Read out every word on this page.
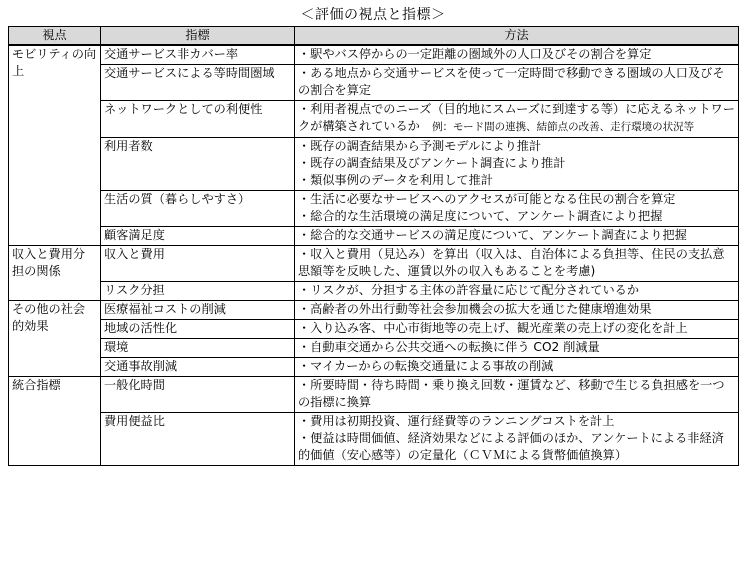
＜評価の視点と指標＞
視点	指標	方法
モビリティの向上	交通サービス非カバー率	・駅やバス停からの一定距離の圏域外の人口及びその割合を算定

	交通サービスによる等時間圏域	・ある地点から交通サービスを使って一定時間で移動できる圏域の人口及びその割合を算定

	ネットワークとしての利便性	・利用者視点でのニーズ（目的地にスムーズに到達する等）に応えるネットワークが構築されているか　 例：モード間の連携、結節点の改善、走行環境の状況等

	利用者数	・既存の調査結果から予測モデルにより推計
・既存の調査結果及びアンケート調査により推計
・類似事例のデータを利用して推計

	生活の質（暮らしやすさ）	・生活に必要なサービスへのアクセスが可能となる住民の割合を算定
・総合的な生活環境の満足度について、アンケート調査により把握

	顧客満足度	・総合的な交通サービスの満足度について、アンケート調査により把握

収入と費用分担の関係	収入と費用	・収入と費用（見込み）を算出（収入は、自治体による負担等、住民の支払意思額等を反映した、運賃以外の収入もあることを考慮)

	リスク分担	・リスクが、分担する主体の許容量に応じて配分されているか

その他の社会的効果	医療福祉コストの削減	・高齢者の外出行動等社会参加機会の拡大を通じた健康増進効果

	地域の活性化	・入り込み客、中心市街地等の売上げ、観光産業の売上げの変化を計上

	環境	・自動車交通から公共交通への転換に伴う CO2 削減量

	交通事故削減	・マイカーからの転換交通量による事故の削減

統合指標	一般化時間	・所要時間・待ち時間・乗り換え回数・運賃など、移動で生じる負担感を一つの指標に換算

	費用便益比	・費用は初期投資、運行経費等のランニングコストを計上
・便益は時間価値、経済効果などによる評価のほか、アンケートによる非経済的価値（安心感等）の定量化（ＣＶＭによる貨幣価値換算）
